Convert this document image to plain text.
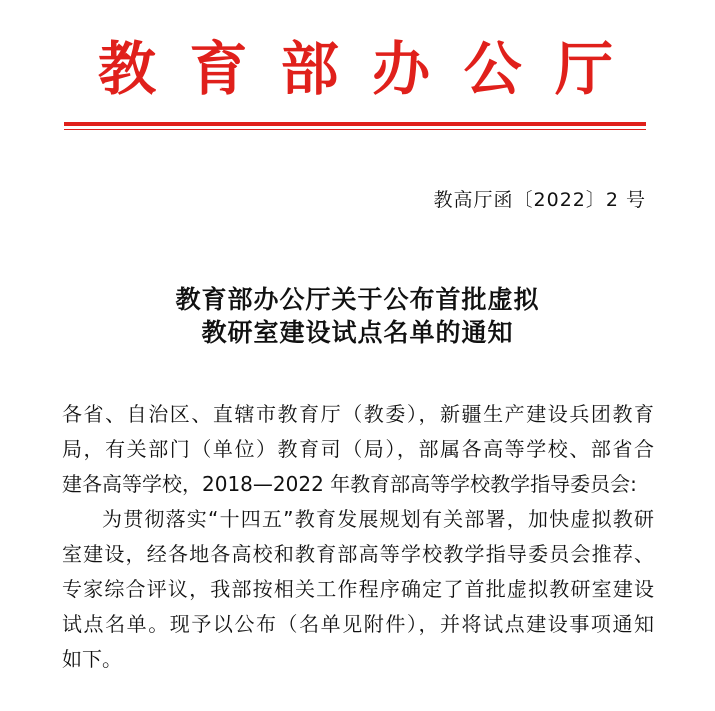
教 育 部 办 公 厅
教高厅函〔2022〕2 号
教育部办公厅关于公布首批虚拟
教研室建设试点名单的通知
各省、自治区、直辖市教育厅（教委），新疆生产建设兵团教育
局，有关部门（单位）教育司（局），部属各高等学校、部省合
建各高等学校，2018—2022 年教育部高等学校教学指导委员会:
为贯彻落实“十四五”教育发展规划有关部署，加快虚拟教研
室建设，经各地各高校和教育部高等学校教学指导委员会推荐、
专家综合评议，我部按相关工作程序确定了首批虚拟教研室建设
试点名单。现予以公布（名单见附件），并将试点建设事项通知
如下。
